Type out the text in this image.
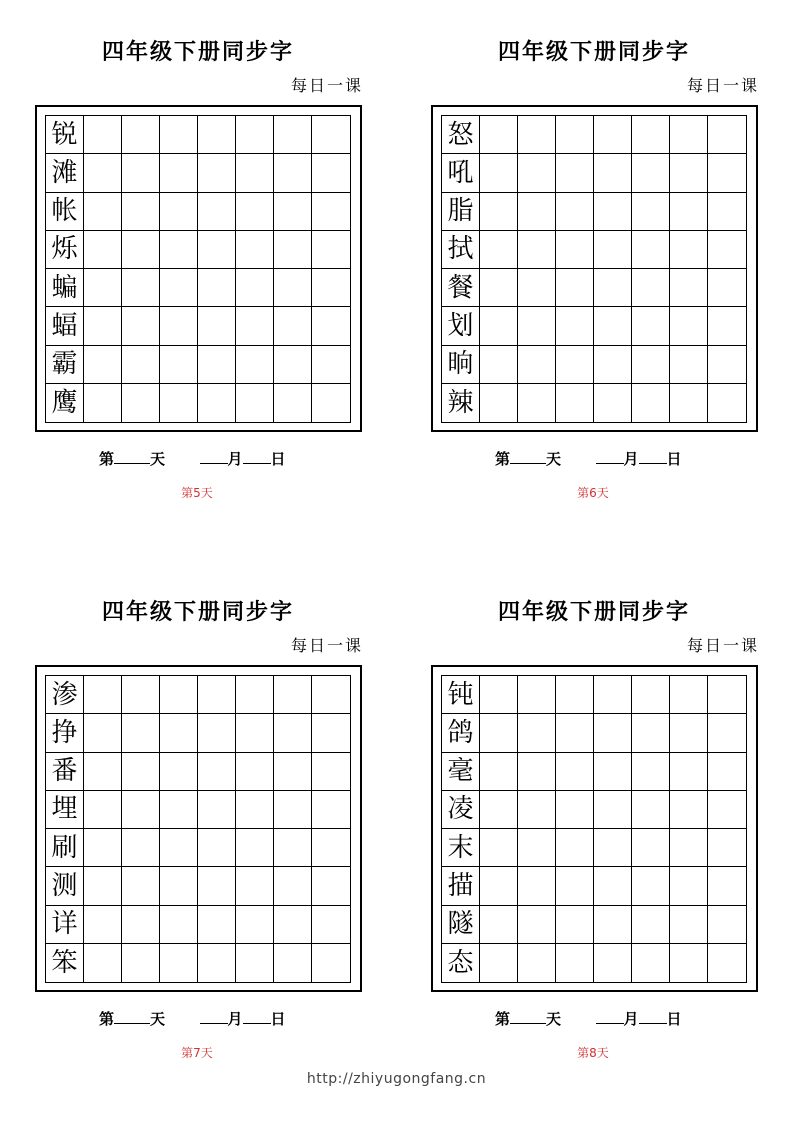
四年级下册同步字
每日一课
锐
滩
帐
烁
蝙
蝠
霸
鹰
第 天	月 日
第5天
四年级下册同步字
每日一课
怒
吼
脂
拭
餐
划
晌
辣
第 天	月 日
第6天
四年级下册同步字
每日一课
渗
挣
番
埋
刷
测
详
笨
第 天	月 日
第7天
四年级下册同步字
每日一课
钝
鸽
毫
凌
末
描
隧
态
第 天	月 日
第8天
http://zhiyugongfang.cn
